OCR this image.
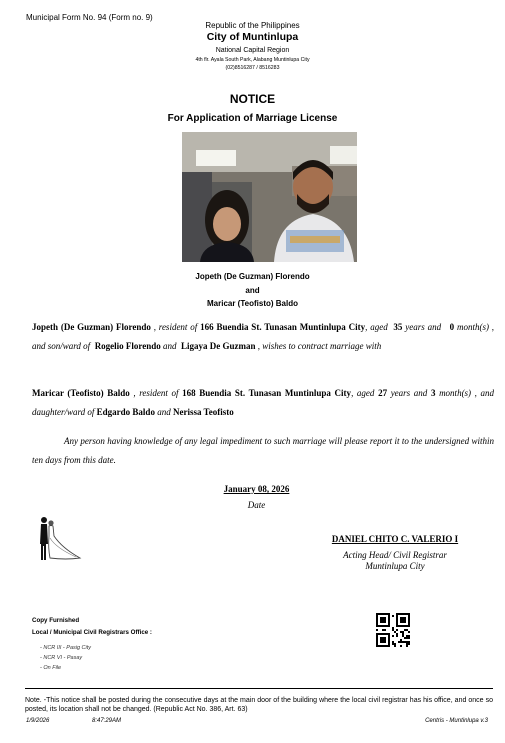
Municipal Form No. 94 (Form no. 9)
Republic of the Philippines
City of Muntinlupa
National Capital Region
4th flr. Ayala South Park, Alabang Muntinlupa City
(02)8516287 / 8516283
NOTICE
For Application of Marriage License
Jopeth (De Guzman) Florendo
and
Maricar (Teofisto) Baldo
Jopeth (De Guzman) Florendo , resident of 166 Buendia St. Tunasan Muntinlupa City, aged 35 years and 0 month(s) , and son/ward of Rogelio Florendo and Ligaya De Guzman , wishes to contract marriage with
Maricar (Teofisto) Baldo , resident of 168 Buendia St. Tunasan Muntinlupa City, aged 27 years and 3 month(s) , and daughter/ward of Edgardo Baldo and Nerissa Teofisto
Any person having knowledge of any legal impediment to such marriage will please report it to the undersigned within ten days from this date.
January 08, 2026
Date
DANIEL CHITO C. VALERIO I
Acting Head/ Civil Registrar
Muntinlupa City
Copy Furnished
Local / Municipal Civil Registrars Office :
- NCR III - Pasig City
- NCR VI - Pasay
- On File
Note. -This notice shall be posted during the consecutive days at the main door of the building where the local civil registrar has his office, and once so posted, its location shall not be changed. (Republic Act No. 386, Art. 63)
1/9/2026	8:47:29AM	Centris - Muntinlupa v.3
